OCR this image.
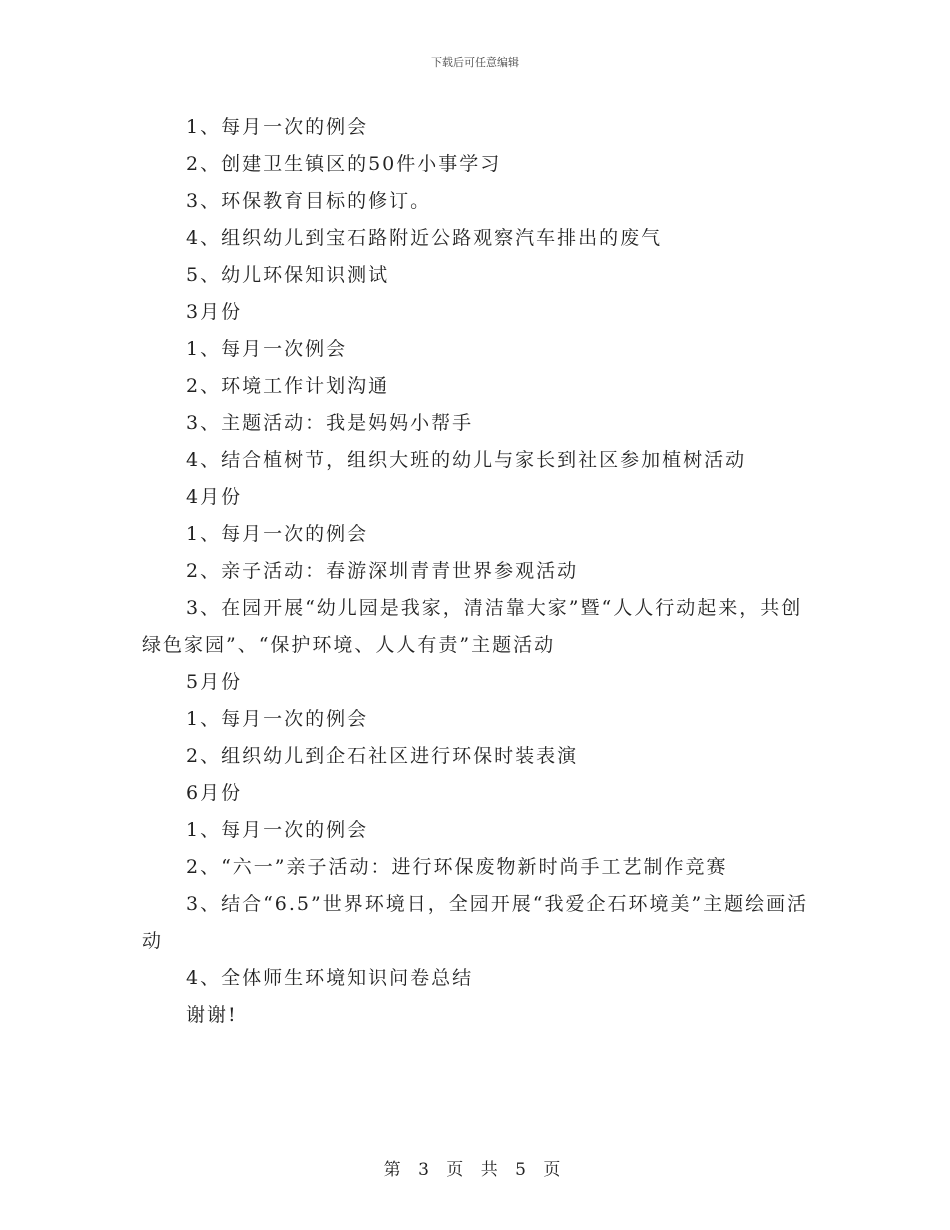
下载后可任意编辑
1、每月一次的例会
2、创建卫生镇区的50件小事学习
3、环保教育目标的修订。
4、组织幼儿到宝石路附近公路观察汽车排出的废气
5、幼儿环保知识测试
3月份
1、每月一次例会
2、环境工作计划沟通
3、主题活动：我是妈妈小帮手
4、结合植树节，组织大班的幼儿与家长到社区参加植树活动
4月份
1、每月一次的例会
2、亲子活动：春游深圳青青世界参观活动
3、在园开展“幼儿园是我家，清洁靠大家”暨“人人行动起来，共创绿色家园”、“保护环境、人人有责”主题活动
5月份
1、每月一次的例会
2、组织幼儿到企石社区进行环保时装表演
6月份
1、每月一次的例会
2、“六一”亲子活动：进行环保废物新时尚手工艺制作竞赛
3、结合“6.5”世界环境日，全园开展“我爱企石环境美”主题绘画活动
4、全体师生环境知识问卷总结
谢谢!
第 3 页 共 5 页
